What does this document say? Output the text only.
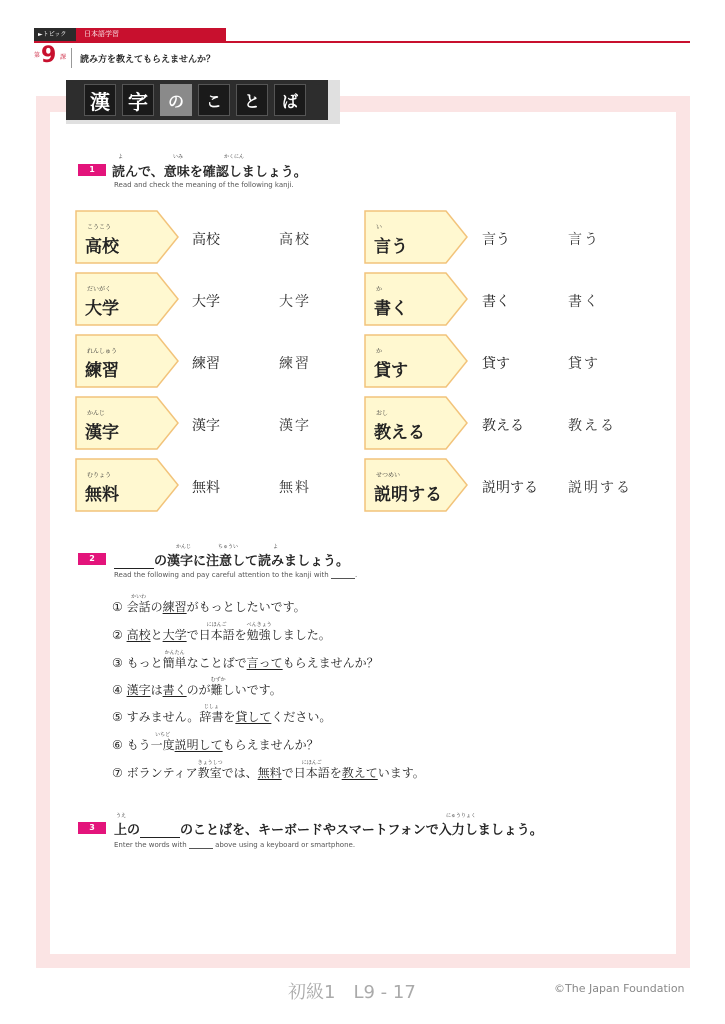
►トピック	日本語学習
第 9 課 読み方を教えてもらえませんか？
漢 字	の	こ	と	ば
1
よ	いみ	かくにん
読んで、意味を確認しましょう。
Read and check the meaning of the following kanji.
こうこう
高校	高校	高校
だいがく
大学	大学	大学
れんしゅう
練習	練習	練習
かんじ
漢字	漢字	漢字
むりょう
無料	無料	無料
い
言う	言う	言う
か
書く	書く	書く
か
貸す	貸す	貸す
おし
教える	教える	教える
せつめい
説明する	説明する 説明する
2
かんじ	ちゅうい	よ
の漢字に注意して読みましょう。
Read the following and pay careful attention to the kanji with	.
① 会話
かいわ
の練習がもっとしたいです。
② 高校と大学で日本語
にほんご
を勉強
べんきょう
しました。
③ もっと簡単
かんたん
なことばで言ってもらえませんか？
④ 漢字は書くのが難
むずか
しいです。
⑤ すみません。辞書
じしょ
を貸してください。
⑥ もう一度
いちど
説明してもらえませんか？
⑦ ボランティア教室
きょうしつ
では、無料で日本語
にほんご
を教えています。
3
うえ	にゅうりょく
上の	のことばを、キーボードやスマートフォンで入力しましょう。
Enter the words with	above using a keyboard or smartphone.
初級1　L9 - 17	©The Japan Foundation
